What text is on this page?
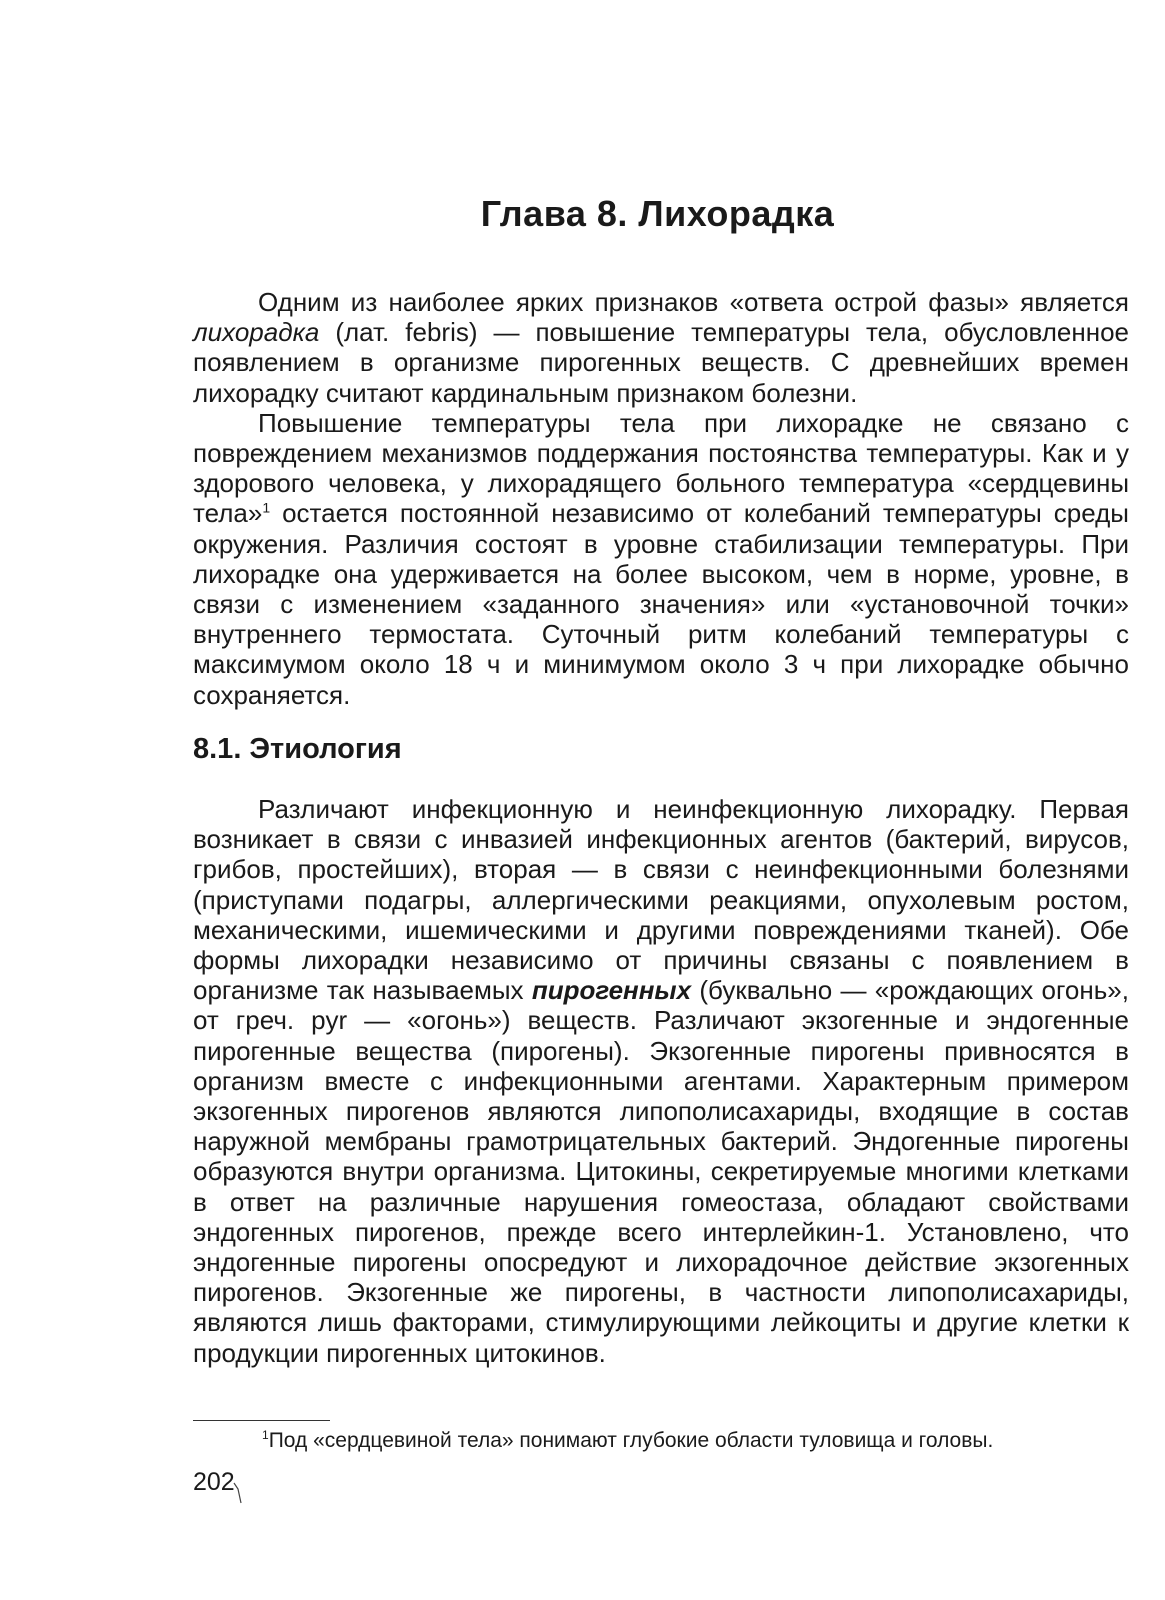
Глава 8. Лихорадка

Одним из наиболее ярких признаков «ответа острой фазы» является лихорадка (лат. febris) — повышение температуры тела, обусловленное появлением в организме пирогенных веществ. С древнейших времен лихорадку считают кардинальным признаком болезни.

Повышение температуры тела при лихорадке не связано с повреждением механизмов поддержания постоянства температуры. Как и у здорового человека, у лихорадящего больного температура «сердцевины тела»$^1$ остается постоянной независимо от колебаний температуры среды окружения. Различия состоят в уровне стабилизации температуры. При лихорадке она удерживается на более высоком, чем в норме, уровне, в связи с изменением «заданного значения» или «установочной точки» внутреннего термостата. Суточный ритм колебаний температуры с максимумом около 18 ч и минимумом около 3 ч при лихорадке обычно сохраняется.

8.1. Этиология

Различают инфекционную и неинфекционную лихорадку. Первая возникает в связи с инвазией инфекционных агентов (бактерий, вирусов, грибов, простейших), вторая — в связи с неинфекционными болезнями (приступами подагры, аллергическими реакциями, опухолевым ростом, механическими, ишемическими и другими повреждениями тканей). Обе формы лихорадки независимо от причины связаны с появлением в организме так называемых пирогенных (буквально — «рождающих огонь», от греч. pyr — «огонь») веществ. Различают экзогенные и эндогенные пирогенные вещества (пирогены). Экзогенные пирогены привносятся в организм вместе с инфекционными агентами. Характерным примером экзогенных пирогенов являются липополисахариды, входящие в состав наружной мембраны грамотрицательных бактерий. Эндогенные пирогены образуются внутри организма. Цитокины, секретируемые многими клетками в ответ на различные нарушения гомеостаза, обладают свойствами эндогенных пирогенов, прежде всего интерлейкин-1. Установлено, что эндогенные пирогены опосредуют и лихорадочное действие экзогенных пирогенов. Экзогенные же пирогены, в частности липополисахариды, являются лишь факторами, стимулирующими лейкоциты и другие клетки к продукции пирогенных цитокинов.

$^1$Под «сердцевиной тела» понимают глубокие области туловища и головы.
202
